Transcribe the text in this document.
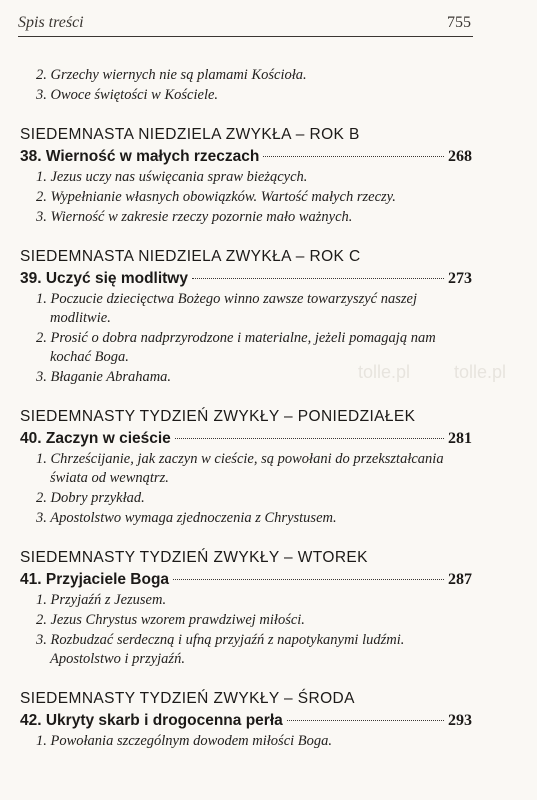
Spis treści	755
tolle.pl tolle.pl

2. Grzechy wiernych nie są plamami Kościoła.

3. Owoce świętości w Kościele.

SIEDEMNASTA NIEDZIELA ZWYKŁA – ROK B
38. Wierność w małych rzeczach	268

1. Jezus uczy nas uświęcania spraw bieżących.

2. Wypełnianie własnych obowiązków. Wartość małych rzeczy.

3. Wierność w zakresie rzeczy pozornie mało ważnych.

SIEDEMNASTA NIEDZIELA ZWYKŁA – ROK C
39. Uczyć się modlitwy	273

1. Poczucie dziecięctwa Bożego winno zawsze towarzyszyć naszej modlitwie.

2. Prosić o dobra nadprzyrodzone i materialne, jeżeli pomagają nam kochać Boga.

3. Błaganie Abrahama.

SIEDEMNASTY TYDZIEŃ ZWYKŁY – PONIEDZIAŁEK
40. Zaczyn w cieście	281

1. Chrześcijanie, jak zaczyn w cieście, są powołani do przekształcania świata od wewnątrz.

2. Dobry przykład.

3. Apostolstwo wymaga zjednoczenia z Chrystusem.

SIEDEMNASTY TYDZIEŃ ZWYKŁY – WTOREK
41. Przyjaciele Boga	287

1. Przyjaźń z Jezusem.

2. Jezus Chrystus wzorem prawdziwej miłości.

3. Rozbudzać serdeczną i ufną przyjaźń z napotykanymi ludźmi. Apostolstwo i przyjaźń.

SIEDEMNASTY TYDZIEŃ ZWYKŁY – ŚRODA
42. Ukryty skarb i drogocenna perła	293

1. Powołania szczególnym dowodem miłości Boga.
